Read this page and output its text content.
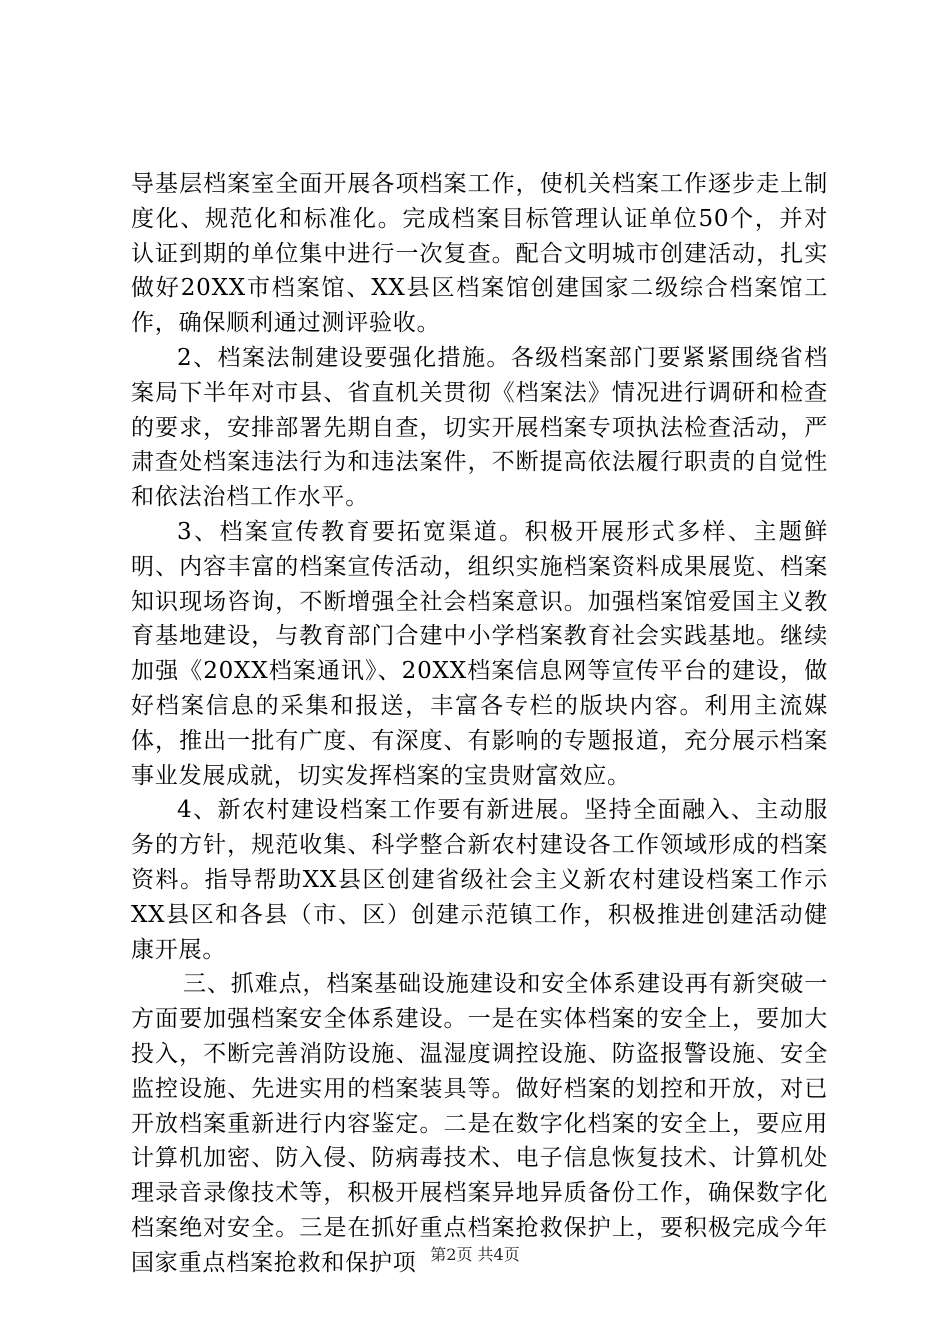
导基层档案室全面开展各项档案工作，使机关档案工作逐步走上制度化、规范化和标准化。完成档案目标管理认证单位50个，并对认证到期的单位集中进行一次复查。配合文明城市创建活动，扎实做好20XX市档案馆、XX县区档案馆创建国家二级综合档案馆工作，确保顺利通过测评验收。

2、档案法制建设要强化措施。各级档案部门要紧紧围绕省档案局下半年对市县、省直机关贯彻《档案法》情况进行调研和检查的要求，安排部署先期自查，切实开展档案专项执法检查活动，严肃查处档案违法行为和违法案件，不断提高依法履行职责的自觉性和依法治档工作水平。

3、档案宣传教育要拓宽渠道。积极开展形式多样、主题鲜明、内容丰富的档案宣传活动，组织实施档案资料成果展览、档案知识现场咨询，不断增强全社会档案意识。加强档案馆爱国主义教育基地建设，与教育部门合建中小学档案教育社会实践基地。继续加强《20XX档案通讯》、20XX档案信息网等宣传平台的建设，做好档案信息的采集和报送，丰富各专栏的版块内容。利用主流媒体，推出一批有广度、有深度、有影响的专题报道，充分展示档案事业发展成就，切实发挥档案的宝贵财富效应。

4、新农村建设档案工作要有新进展。坚持全面融入、主动服务的方针，规范收集、科学整合新农村建设各工作领域形成的档案资料。指导帮助XX县区创建省级社会主义新农村建设档案工作示XX县区和各县（市、区）创建示范镇工作，积极推进创建活动健康开展。

三、抓难点，档案基础设施建设和安全体系建设再有新突破一方面要加强档案安全体系建设。一是在实体档案的安全上，要加大投入，不断完善消防设施、温湿度调控设施、防盗报警设施、安全监控设施、先进实用的档案装具等。做好档案的划控和开放，对已开放档案重新进行内容鉴定。二是在数字化档案的安全上，要应用计算机加密、防入侵、防病毒技术、电子信息恢复技术、计算机处理录音录像技术等，积极开展档案异地异质备份工作，确保数字化档案绝对安全。三是在抓好重点档案抢救保护上，要积极完成今年国家重点档案抢救和保护项 第2页 共4页
